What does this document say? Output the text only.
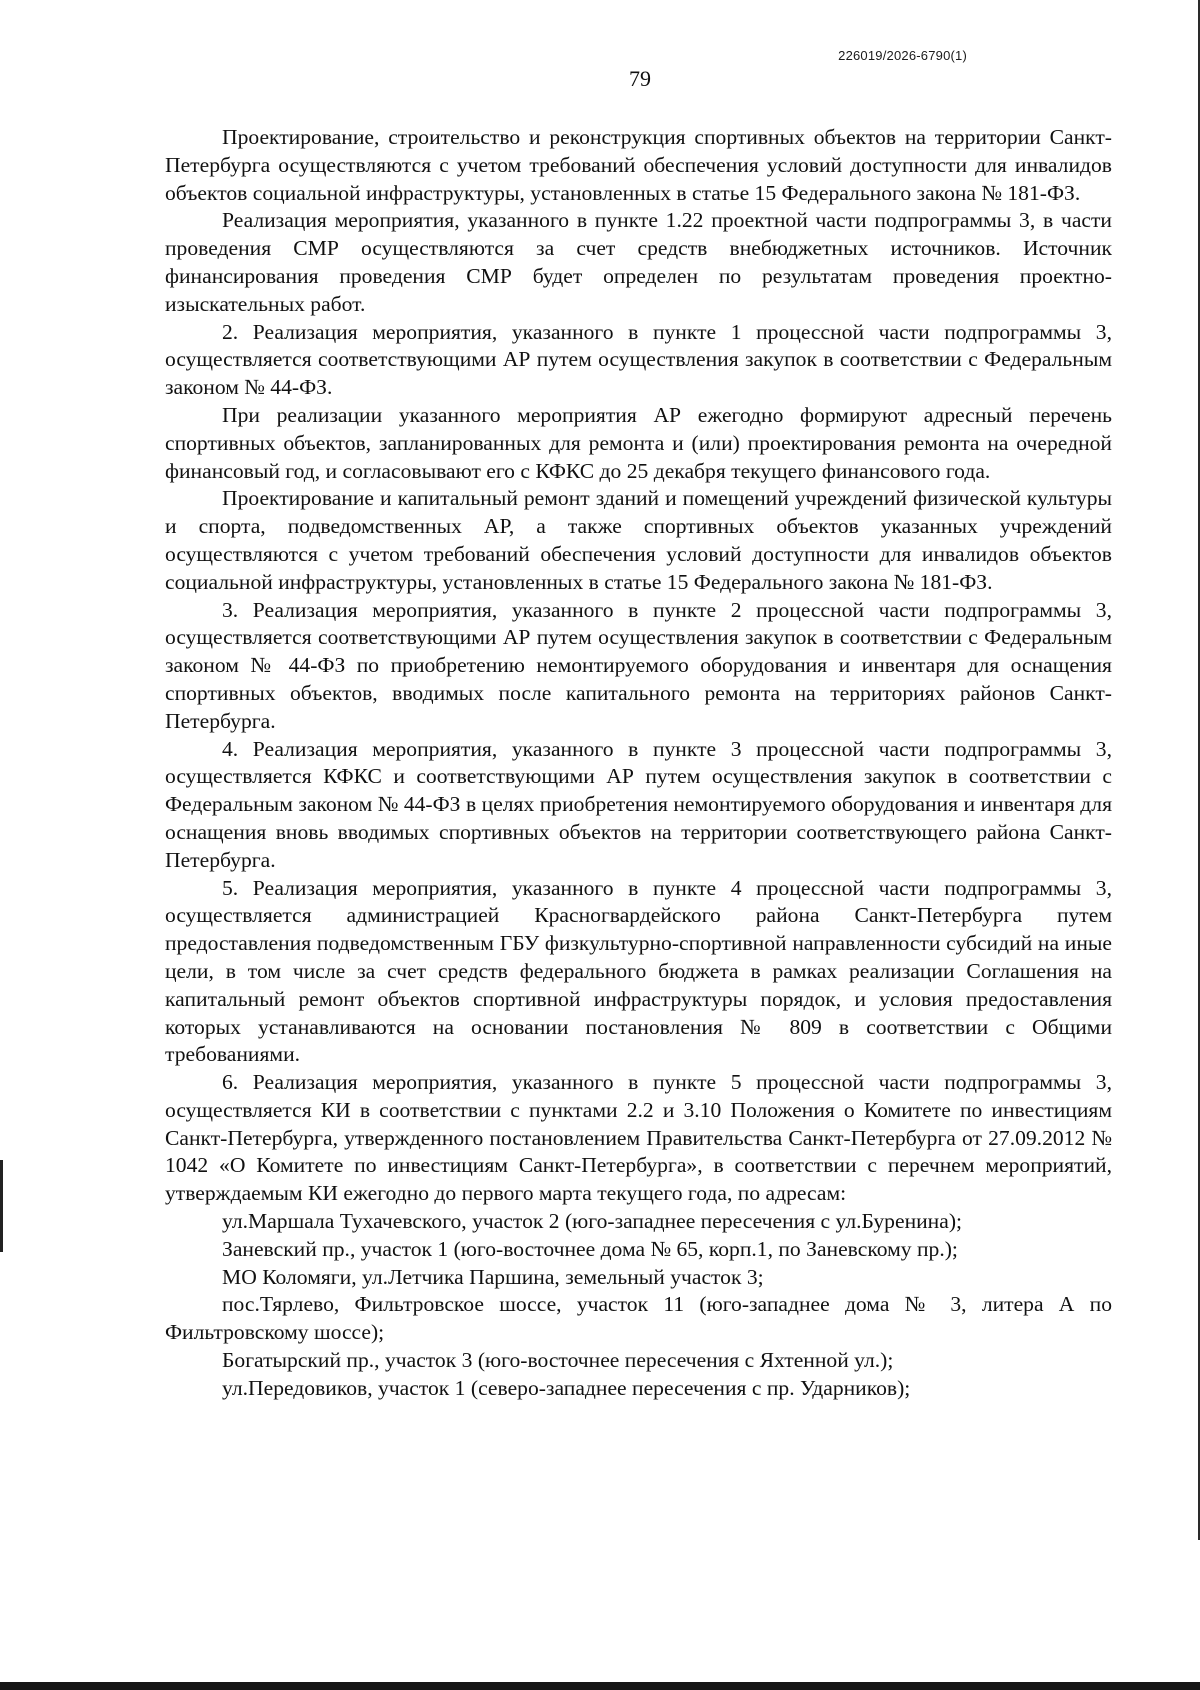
226019/2026-6790(1)
79

Проектирование, строительство и реконструкция спортивных объектов на территории Санкт-Петербурга осуществляются с учетом требований обеспечения условий доступности для инвалидов объектов социальной инфраструктуры, установленных в статье 15 Федерального закона № 181-ФЗ.

Реализация мероприятия, указанного в пункте 1.22 проектной части подпрограммы 3, в части проведения СМР осуществляются за счет средств внебюджетных источников. Источник финансирования проведения СМР будет определен по результатам проведения проектно-изыскательных работ.

2. Реализация мероприятия, указанного в пункте 1 процессной части подпрограммы 3, осуществляется соответствующими АР путем осуществления закупок в соответствии с Федеральным законом № 44-ФЗ.

При реализации указанного мероприятия АР ежегодно формируют адресный перечень спортивных объектов, запланированных для ремонта и (или) проектирования ремонта на очередной финансовый год, и согласовывают его с КФКС до 25 декабря текущего финансового года.

Проектирование и капитальный ремонт зданий и помещений учреждений физической культуры и спорта, подведомственных АР, а также спортивных объектов указанных учреждений осуществляются с учетом требований обеспечения условий доступности для инвалидов объектов социальной инфраструктуры, установленных в статье 15 Федерального закона № 181-ФЗ.

3. Реализация мероприятия, указанного в пункте 2 процессной части подпрограммы 3, осуществляется соответствующими АР путем осуществления закупок в соответствии с Федеральным законом № 44-ФЗ по приобретению немонтируемого оборудования и инвентаря для оснащения спортивных объектов, вводимых после капитального ремонта на территориях районов Санкт-Петербурга.

4. Реализация мероприятия, указанного в пункте 3 процессной части подпрограммы 3, осуществляется КФКС и соответствующими АР путем осуществления закупок в соответствии с Федеральным законом № 44-ФЗ в целях приобретения немонтируемого оборудования и инвентаря для оснащения вновь вводимых спортивных объектов на территории соответствующего района Санкт-Петербурга.

5. Реализация мероприятия, указанного в пункте 4 процессной части подпрограммы 3, осуществляется администрацией Красногвардейского района Санкт-Петербурга путем предоставления подведомственным ГБУ физкультурно-спортивной направленности субсидий на иные цели, в том числе за счет средств федерального бюджета в рамках реализации Соглашения на капитальный ремонт объектов спортивной инфраструктуры порядок, и условия предоставления которых устанавливаются на основании постановления № 809 в соответствии с Общими требованиями.

6. Реализация мероприятия, указанного в пункте 5 процессной части подпрограммы 3, осуществляется КИ в соответствии с пунктами 2.2 и 3.10 Положения о Комитете по инвестициям Санкт-Петербурга, утвержденного постановлением Правительства Санкт-Петербурга от 27.09.2012 № 1042 «О Комитете по инвестициям Санкт-Петербурга», в соответствии с перечнем мероприятий, утверждаемым КИ ежегодно до первого марта текущего года, по адресам:

ул.Маршала Тухачевского, участок 2 (юго-западнее пересечения с ул.Буренина);

Заневский пр., участок 1 (юго-восточнее дома № 65, корп.1, по Заневскому пр.);

МО Коломяги, ул.Летчика Паршина, земельный участок 3;

пос.Тярлево, Фильтровское шоссе, участок 11 (юго-западнее дома № 3, литера А по Фильтровскому шоссе);

Богатырский пр., участок 3 (юго-восточнее пересечения с Яхтенной ул.);

ул.Передовиков, участок 1 (северо-западнее пересечения с пр. Ударников);
